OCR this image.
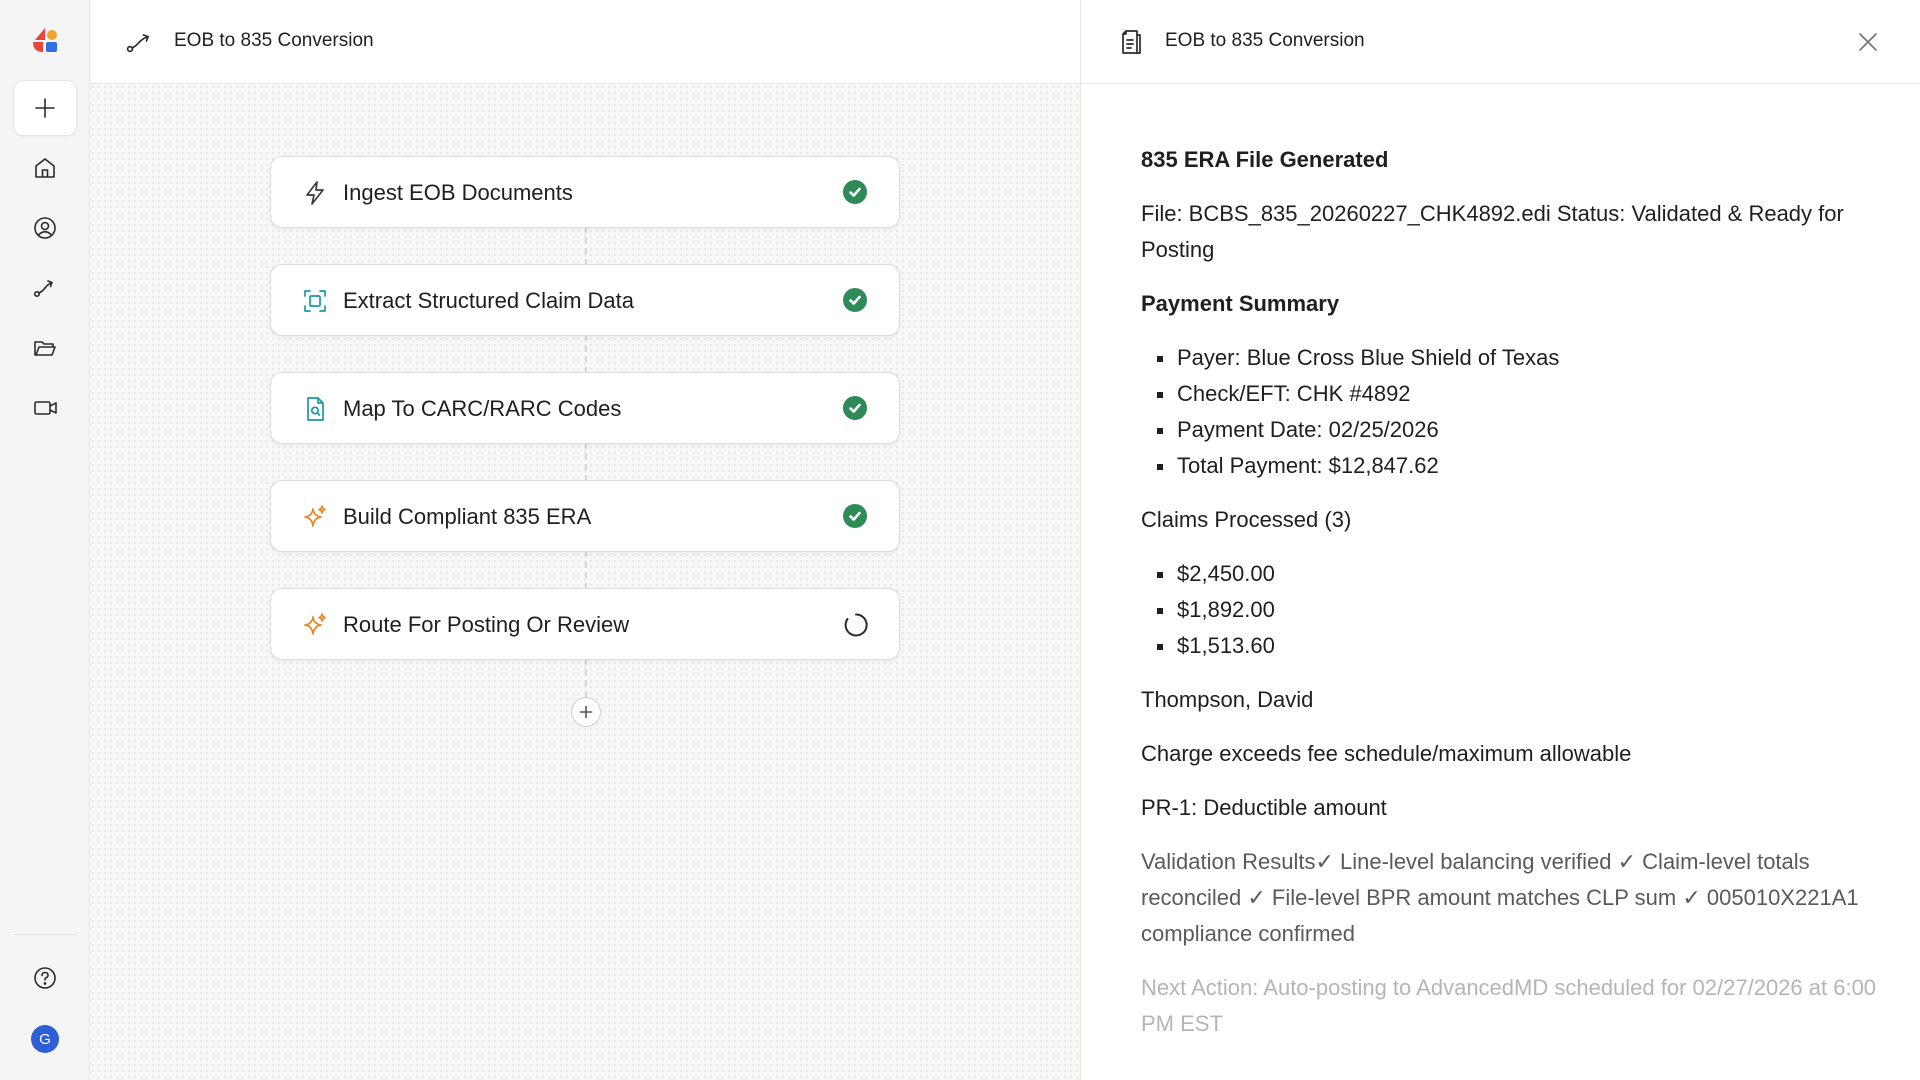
G
EOB to 835 Conversion
Ingest EOB Documents
Extract Structured Claim Data
Map To CARC/RARC Codes
Build Compliant 835 ERA
Route For Posting Or Review
EOB to 835 Conversion
835 ERA File Generated

File: BCBS_835_20260227_CHK4892.edi Status: Validated & Ready for Posting

Payment Summary
Payer: Blue Cross Blue Shield of Texas
Check/EFT: CHK #4892
Payment Date: 02/25/2026
Total Payment: $12,847.62

Claims Processed (3)

$2,450.00
$1,892.00
$1,513.60

Thompson, David

Charge exceeds fee schedule/maximum allowable

PR-1: Deductible amount

Validation Results✓ Line-level balancing verified ✓ Claim-level totals reconciled ✓ File-level BPR amount matches CLP sum ✓ 005010X221A1 compliance confirmed

Next Action: Auto-posting to AdvancedMD scheduled for 02/27/2026 at 6:00 PM EST
